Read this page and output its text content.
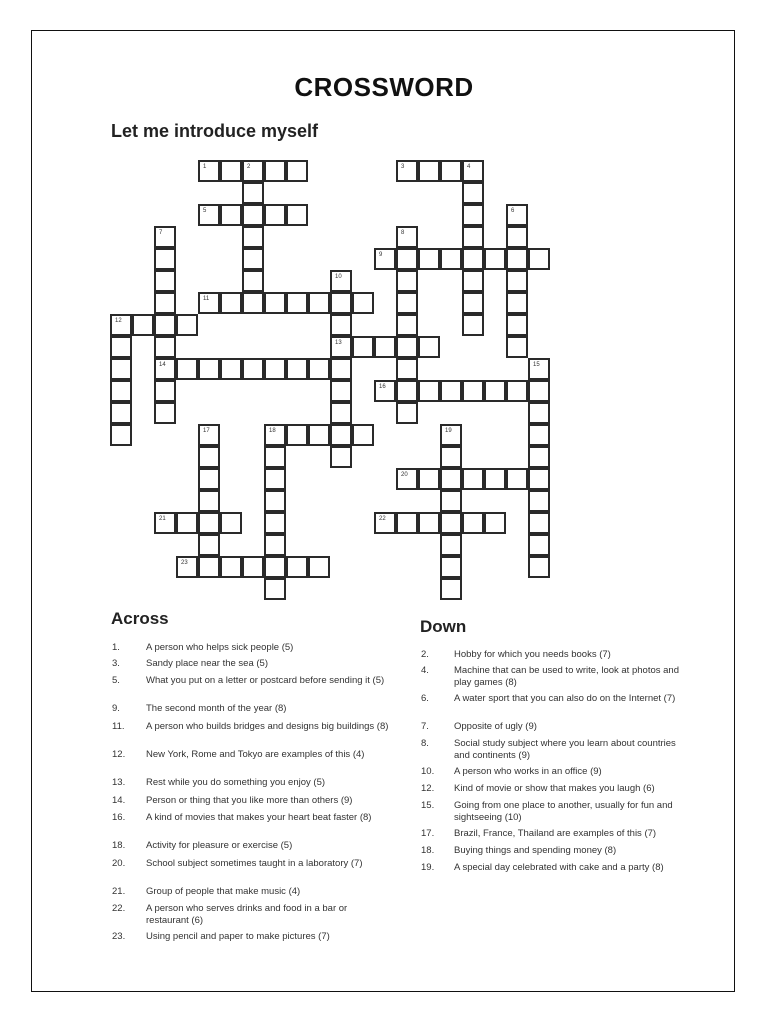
CROSSWORD
Let me introduce myself
1	2	3	4
5	6
7
14
8
9
10
13
11
12
15
16
17	18	19
20
21	22
23
Across
1.	A person who helps sick people (5)
3.	Sandy place near the sea (5)
5.	What you put on a letter or postcard before sending it (5)
9.	The second month of the year (8)
11. A person who builds bridges and designs big buildings (8)
12. New York, Rome and Tokyo are examples of this (4)
13. Rest while you do something you enjoy (5)
14. Person or thing that you like more than others (9)
16. A kind of movies that makes your heart beat faster (8)
18. Activity for pleasure or exercise (5)
20. School subject sometimes taught in a laboratory (7)
21. Group of people that make music (4)
22. A person who serves drinks and food in a bar or restaurant (6)
23. Using pencil and paper to make pictures (7)
Down
2.	Hobby for which you needs books (7)
4.	Machine that can be used to write, look at photos and play games (8)
6.	A water sport that you can also do on the Internet (7)
7.	Opposite of ugly (9)
8.	Social study subject where you learn about countries and continents (9)
10. A person who works in an office (9)
12. Kind of movie or show that makes you laugh (6)
15. Going from one place to another, usually for fun and sightseeing (10)
17. Brazil, France, Thailand are examples of this (7)
18. Buying things and spending money (8)
19. A special day celebrated with cake and a party (8)
